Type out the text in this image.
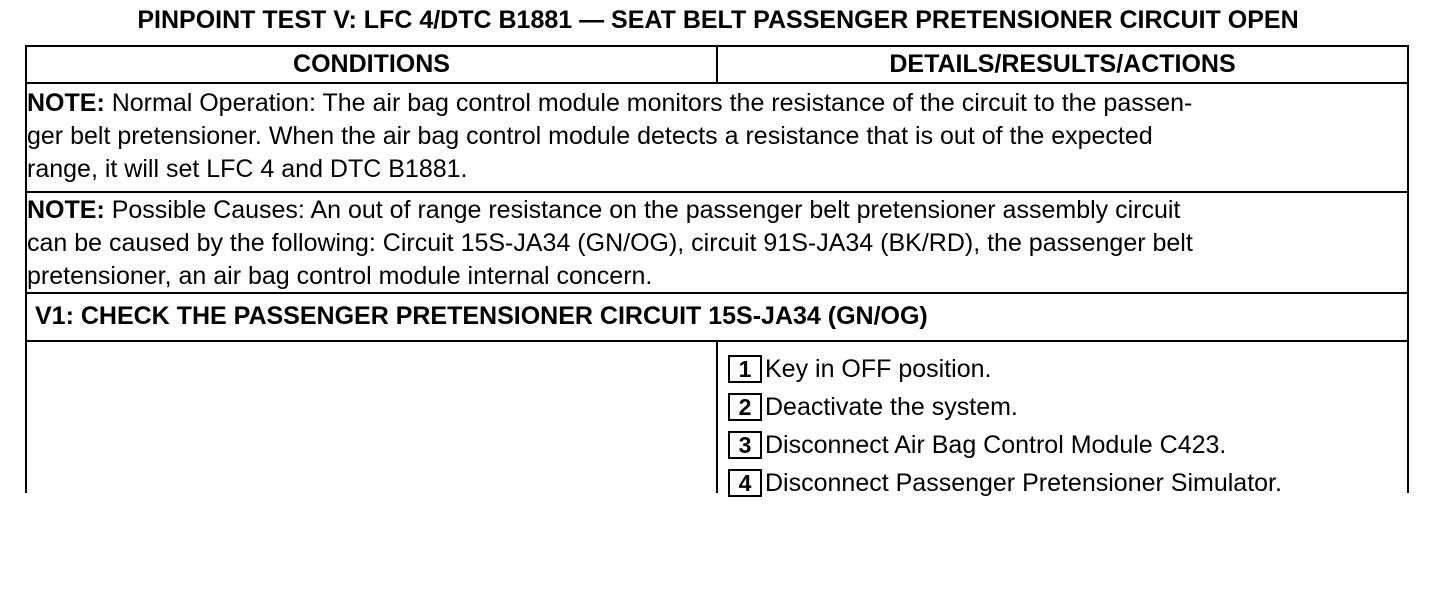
PINPOINT TEST V: LFC 4/DTC B1881 — SEAT BELT PASSENGER PRETENSIONER CIRCUIT OPEN
CONDITIONS	DETAILS/RESULTS/ACTIONS
NOTE: Normal Operation: The air bag control module monitors the resistance of the circuit to the passen-
ger belt pretensioner. When the air bag control module detects a resistance that is out of the expected
range, it will set LFC 4 and DTC B1881.
NOTE: Possible Causes: An out of range resistance on the passenger belt pretensioner assembly circuit
can be caused by the following: Circuit 15S-JA34 (GN/OG), circuit 91S-JA34 (BK/RD), the passenger belt
pretensioner, an air bag control module internal concern.
V1: CHECK THE PASSENGER PRETENSIONER CIRCUIT 15S-JA34 (GN/OG)
1 Key in OFF position.
2 Deactivate the system.
3 Disconnect Air Bag Control Module C423.
4 Disconnect Passenger Pretensioner Simulator.
